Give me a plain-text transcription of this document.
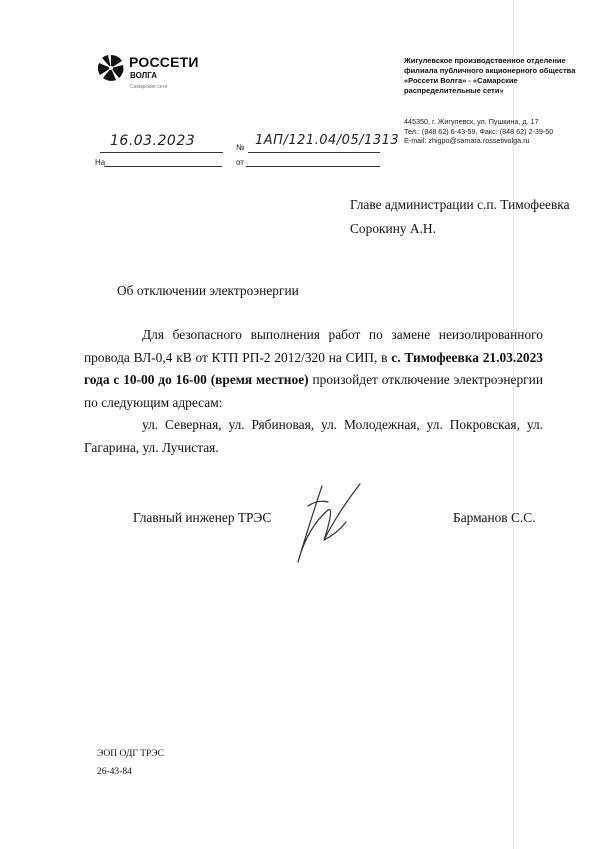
РОССЕТИ
ВОЛГА
Самарские сети
Жигулевское производственное отделение
филиала публичного акционерного общества
«Россети Волга» - «Самарские
распределительные сети»
445350, г. Жигулевск, ул. Пушкина, д. 17
Тел.: (848 62) 6-43-59, Факс: (848 62) 2-39-50
E-mail: zhigpo@samara.rossetivolga.ru
16.03.2023	№ 1АП/121.04/05/1313
На	от
Главе администрации с.п. Тимофеевка
Сорокину А.Н.
Об отключении электроэнергии

Для безопасного выполнения работ по замене неизолированного провода ВЛ-0,4 кВ от КТП РП-2 2012/320 на СИП, в с. Тимофеевка 21.03.2023 года с 10-00 до 16-00 (время местное) произойдет отключение электроэнергии по следующим адресам:

ул. Северная, ул. Рябиновая, ул. Молодежная, ул. Покровская, ул. Гагарина, ул. Лучистая.

Главный инженер ТРЭС	Барманов С.С.
ЭОП ОДГ ТРЭС
26-43-84
